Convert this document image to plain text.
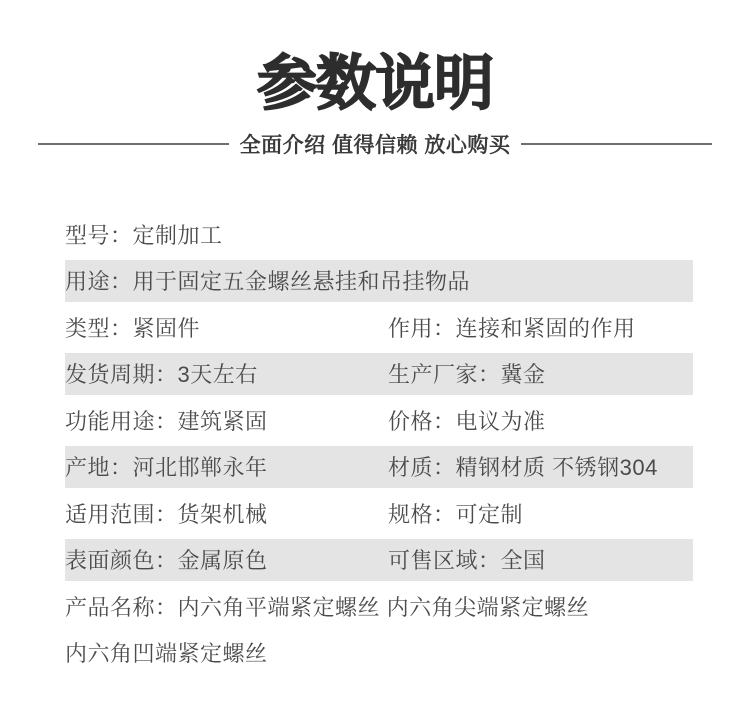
参数说明
全面介绍 值得信赖 放心购买
型号： 定制加工
用途： 用于固定五金螺丝悬挂和吊挂物品
类型： 紧固件	作用： 连接和紧固的作用
发货周期： 3天左右	生产厂家： 冀金
功能用途： 建筑紧固	价格： 电议为准
产地： 河北邯郸永年	材质： 精钢材质 不锈钢304
适用范围： 货架机械	规格： 可定制
表面颜色： 金属原色	可售区域： 全国
产品名称： 内六角平端紧定螺丝 内六角尖端紧定螺丝
内六角凹端紧定螺丝
